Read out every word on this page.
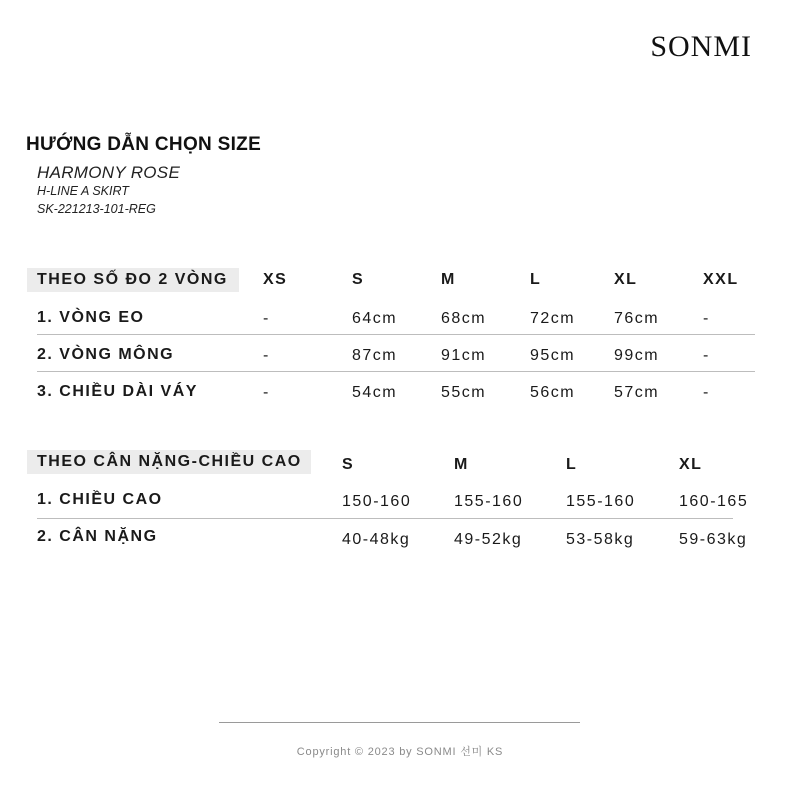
SONMI
HƯỚNG DẪN CHỌN SIZE
HARMONY ROSE
H-LINE A SKIRT
SK-221213-101-REG
THEO SỐ ĐO 2 VÒNG XS	S	M	L	XL	XXL
1. VÒNG EO	-	64cm	68cm	72cm 76cm	-
2. VÒNG MÔNG	-	87cm	91cm	95cm 99cm	-
3. CHIỀU DÀI VÁY	-	54cm	55cm	56cm 57cm	-
THEO CÂN NẶNG-CHIỀU CAO	S	M	L	XL
1. CHIỀU CAO	150-160	155-160	155-160	160-165
2. CÂN NẶNG	40-48kg	49-52kg	53-58kg	59-63kg
Copyright © 2023 by SONMI 선미 KS
